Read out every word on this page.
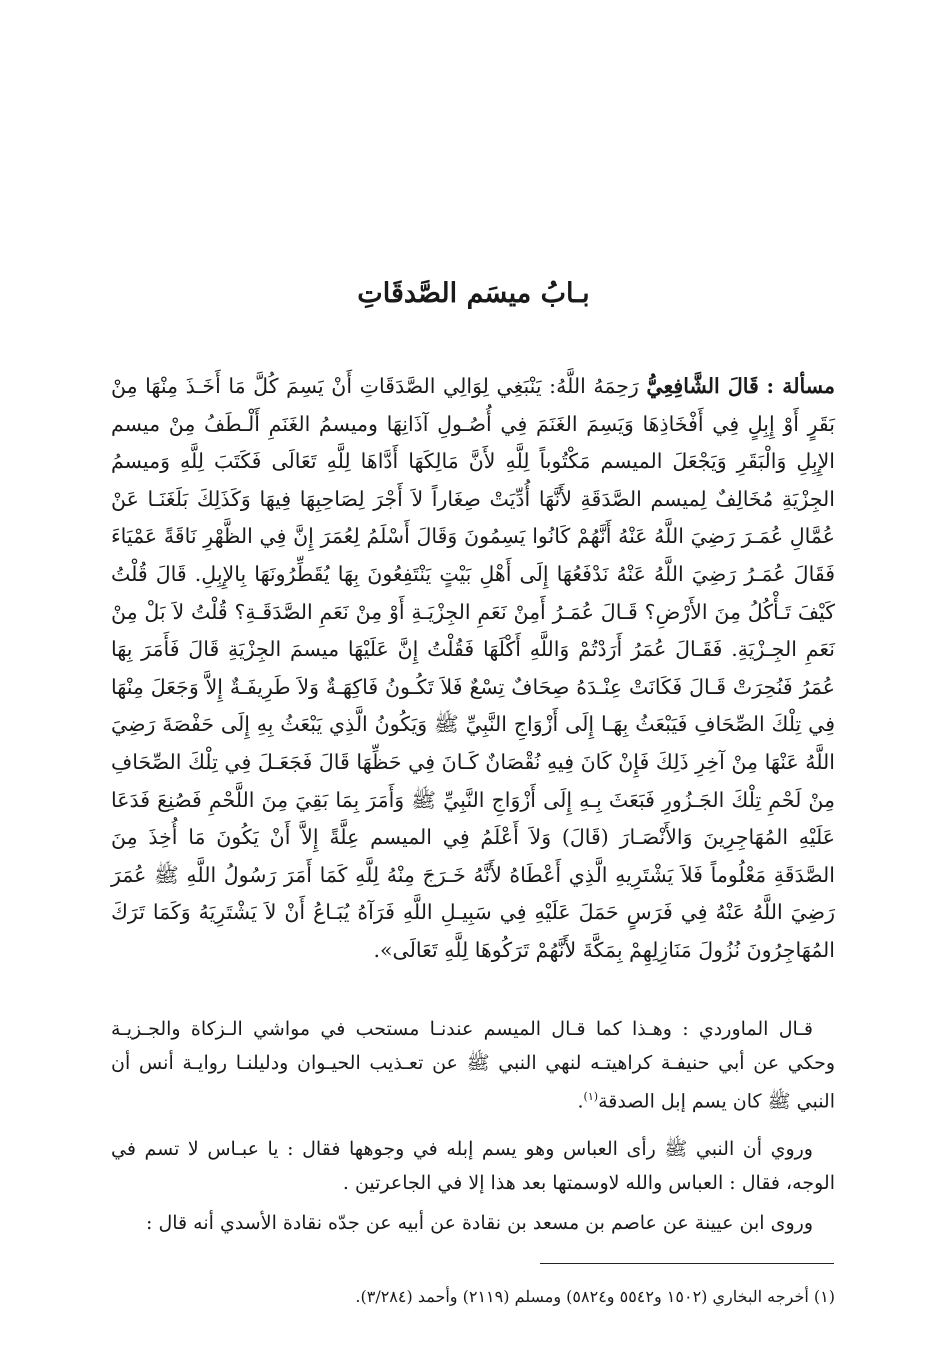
بـابُ ميسَم الصَّدقَاتِ

مسألة : قَالَ الشَّافِعِيُّ رَحِمَهُ اللَّهُ: يَنْبَغِي لِوَالِي الصَّدَقَاتِ أَنْ يَسِمَ كُلَّ مَا أَخَـذَ مِنْهَا مِنْ بَقَرٍ أَوْ إِبِلٍ فِي أَفْخَاذِهَا وَيَسِمَ الغَنَمَ فِي أُصُـولِ آذَانِهَا وميسمُ الغَنَمِ أَلْـطَفُ مِنْ ميسم الإِبِلِ وَالْبَقَرِ وَيَجْعَلَ الميسم مَكْتُوباً لِلَّهِ لأَنَّ مَالِكَهَا أَدَّاهَا لِلَّهِ تَعَالَى فَكَتَبَ لِلَّهِ وَميسمُ الجِزْيَةِ مُخَالِفٌ لِميسم الصَّدَقَةِ لأَنَّهَا أُدِّيَتْ صِغَاراً لاَ أَجْرَ لِصَاحِبِهَا فِيهَا وَكَذَلِكَ بَلَغَنَـا عَنْ عُمَّالِ عُمَـرَ رَضِيَ اللَّهُ عَنْهُ أَنَّهُمْ كَانُوا يَسِمُونَ وَقَالَ أَسْلَمُ لِعُمَرَ إِنَّ فِي الظَّهْرِ نَاقَةً عَمْيَاءَ فَقَالَ عُمَـرُ رَضِيَ اللَّهُ عَنْهُ نَدْفَعُهَا إِلَى أَهْلِ بَيْتٍ يَنْتَفِعُونَ بِهَا يُقَطِّرُونَهَا بِالإِبِلِ. قَالَ قُلْتُ كَيْفَ تَـأْكُلُ مِنَ الأَرْضِ؟ قَـالَ عُمَـرُ أَمِنْ نَعَمِ الجِزْيَـةِ أَوْ مِنْ نَعَمِ الصَّدَقَـةِ؟ قُلْتُ لاَ بَلْ مِنْ نَعَمِ الجِـزْيَةِ. فَقَـالَ عُمَرُ أَرَدْتُمْ وَاللَّهِ أَكْلَهَا فَقُلْتُ إِنَّ عَلَيْهَا ميسمَ الجِزْيَةِ قَالَ فَأَمَرَ بِهَا عُمَرُ فَنُحِرَتْ قَـالَ فَكَانَتْ عِنْـدَهُ صِحَافٌ تِسْعٌ فَلاَ تَكُـونُ فَاكِهَـةٌ وَلاَ طَرِيفَـةٌ إِلاَّ وَجَعَلَ مِنْهَا فِي تِلْكَ الصِّحَافِ فَيَبْعَثُ بِهَـا إِلَى أَزْوَاجِ النَّبِيِّ ﷺ وَيَكُونُ الَّذِي يَبْعَثُ بِهِ إِلَى حَفْصَةَ رَضِيَ اللَّهُ عَنْهَا مِنْ آخِرِ ذَلِكَ فَإِنْ كَانَ فِيهِ نُقْصَانٌ كَـانَ فِي حَظِّهَا قَالَ فَجَعَـلَ فِي تِلْكَ الصِّحَافِ مِنْ لَحْمِ تِلْكَ الجَـزُورِ فَبَعَثَ بِـهِ إِلَى أَزْوَاجِ النَّبِيِّ ﷺ وَأَمَرَ بِمَا بَقِيَ مِنَ اللَّحْمِ فَصُنِعَ فَدَعَا عَلَيْهِ المُهَاجِرِينَ وَالأَنْصَـارَ (قَالَ) وَلاَ أَعْلَمُ فِي الميسم عِلَّةً إِلاَّ أَنْ يَكُونَ مَا أُخِذَ مِنَ الصَّدَقَةِ مَعْلُوماً فَلاَ يَشْتَرِيهِ الَّذِي أَعْطَاهُ لأَنَّهُ خَـرَجَ مِنْهُ لِلَّهِ كَمَا أَمَرَ رَسُولُ اللَّهِ ﷺ عُمَرَ رَضِيَ اللَّهُ عَنْهُ فِي فَرَسٍ حَمَلَ عَلَيْهِ فِي سَبِيـلِ اللَّهِ فَرَآهُ يُبَـاعُ أَنْ لاَ يَشْتَرِيَهُ وَكَمَا تَرَكَ المُهَاجِرُونَ نُزُولَ مَنَازِلِهِمْ بِمَكَّةَ لأَنَّهُمْ تَرَكُوهَا لِلَّهِ تَعَالَى».

قـال الماوردي : وهـذا كما قـال الميسم عندنـا مستحب في مواشي الـزكاة والجـزيـة وحكي عن أبي حنيفـة كراهيتـه لنهي النبي ﷺ عن تعـذيب الحيـوان ودليلنـا روايـة أنس أن النبي ﷺ كان يسم إبل الصدقة$^{(١)}$.

وروي أن النبي ﷺ رأى العباس وهو يسم إبله في وجوهها فقال : يا عبـاس لا تسم في الوجه، فقال : العباس والله لاوسمتها بعد هذا إلا في الجاعرتين .

وروى ابن عيينة عن عاصم بن مسعد بن نقادة عن أبيه عن جدّه نقادة الأسدي أنه قال :

(١) أخرجه البخاري (١٥٠٢ و٥٥٤٢ و٥٨٢٤) ومسلم (٢١١٩) وأحمد (٣/٢٨٤).
